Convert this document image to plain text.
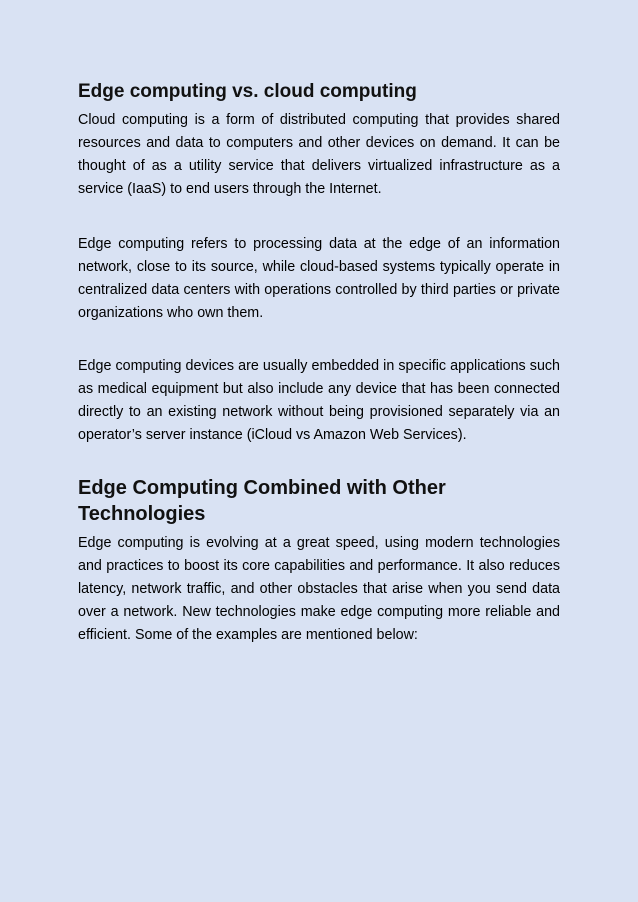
Edge computing vs. cloud computing

Cloud computing is a form of distributed computing that provides shared resources and data to computers and other devices on demand. It can be thought of as a utility service that delivers virtualized infrastructure as a service (IaaS) to end users through the Internet.

Edge computing refers to processing data at the edge of an information network, close to its source, while cloud-based systems typically operate in centralized data centers with operations controlled by third parties or private organizations who own them.

Edge computing devices are usually embedded in specific applications such as medical equipment but also include any device that has been connected directly to an existing network without being provisioned separately via an operator’s server instance (iCloud vs Amazon Web Services).

Edge Computing Combined with Other Technologies

Edge computing is evolving at a great speed, using modern technologies and practices to boost its core capabilities and performance. It also reduces latency, network traffic, and other obstacles that arise when you send data over a network. New technologies make edge computing more reliable and efficient. Some of the examples are mentioned below:
